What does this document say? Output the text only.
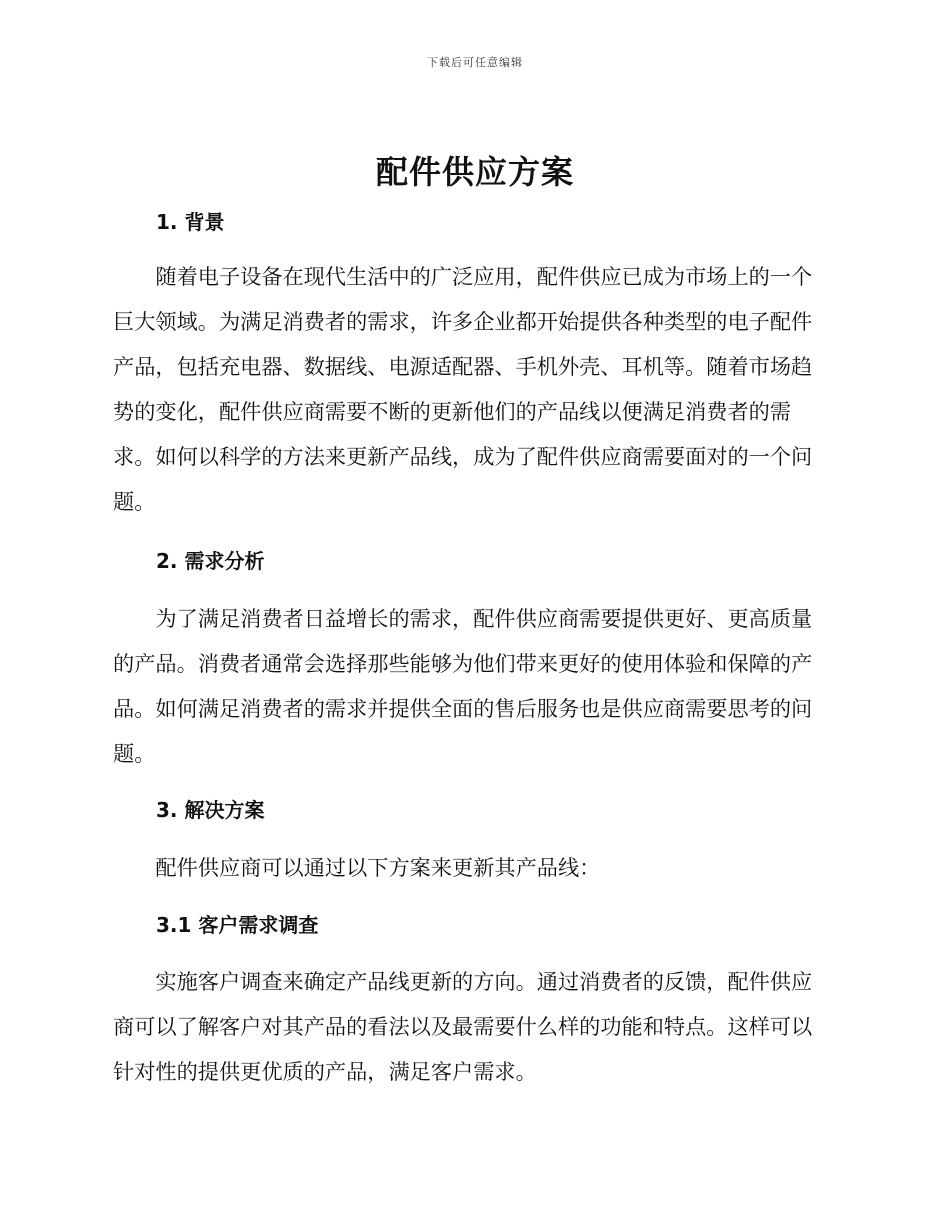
下载后可任意编辑
配件供应方案
1. 背景

随着电子设备在现代生活中的广泛应用，配件供应已成为市场上的一个巨大领域。为满足消费者的需求，许多企业都开始提供各种类型的电子配件产品，包括充电器、数据线、电源适配器、手机外壳、耳机等。随着市场趋势的变化，配件供应商需要不断的更新他们的产品线以便满足消费者的需求。如何以科学的方法来更新产品线，成为了配件供应商需要面对的一个问题。

2. 需求分析

为了满足消费者日益增长的需求，配件供应商需要提供更好、更高质量的产品。消费者通常会选择那些能够为他们带来更好的使用体验和保障的产品。如何满足消费者的需求并提供全面的售后服务也是供应商需要思考的问题。

3. 解决方案

配件供应商可以通过以下方案来更新其产品线：

3.1 客户需求调查

实施客户调查来确定产品线更新的方向。通过消费者的反馈，配件供应商可以了解客户对其产品的看法以及最需要什么样的功能和特点。这样可以针对性的提供更优质的产品，满足客户需求。
